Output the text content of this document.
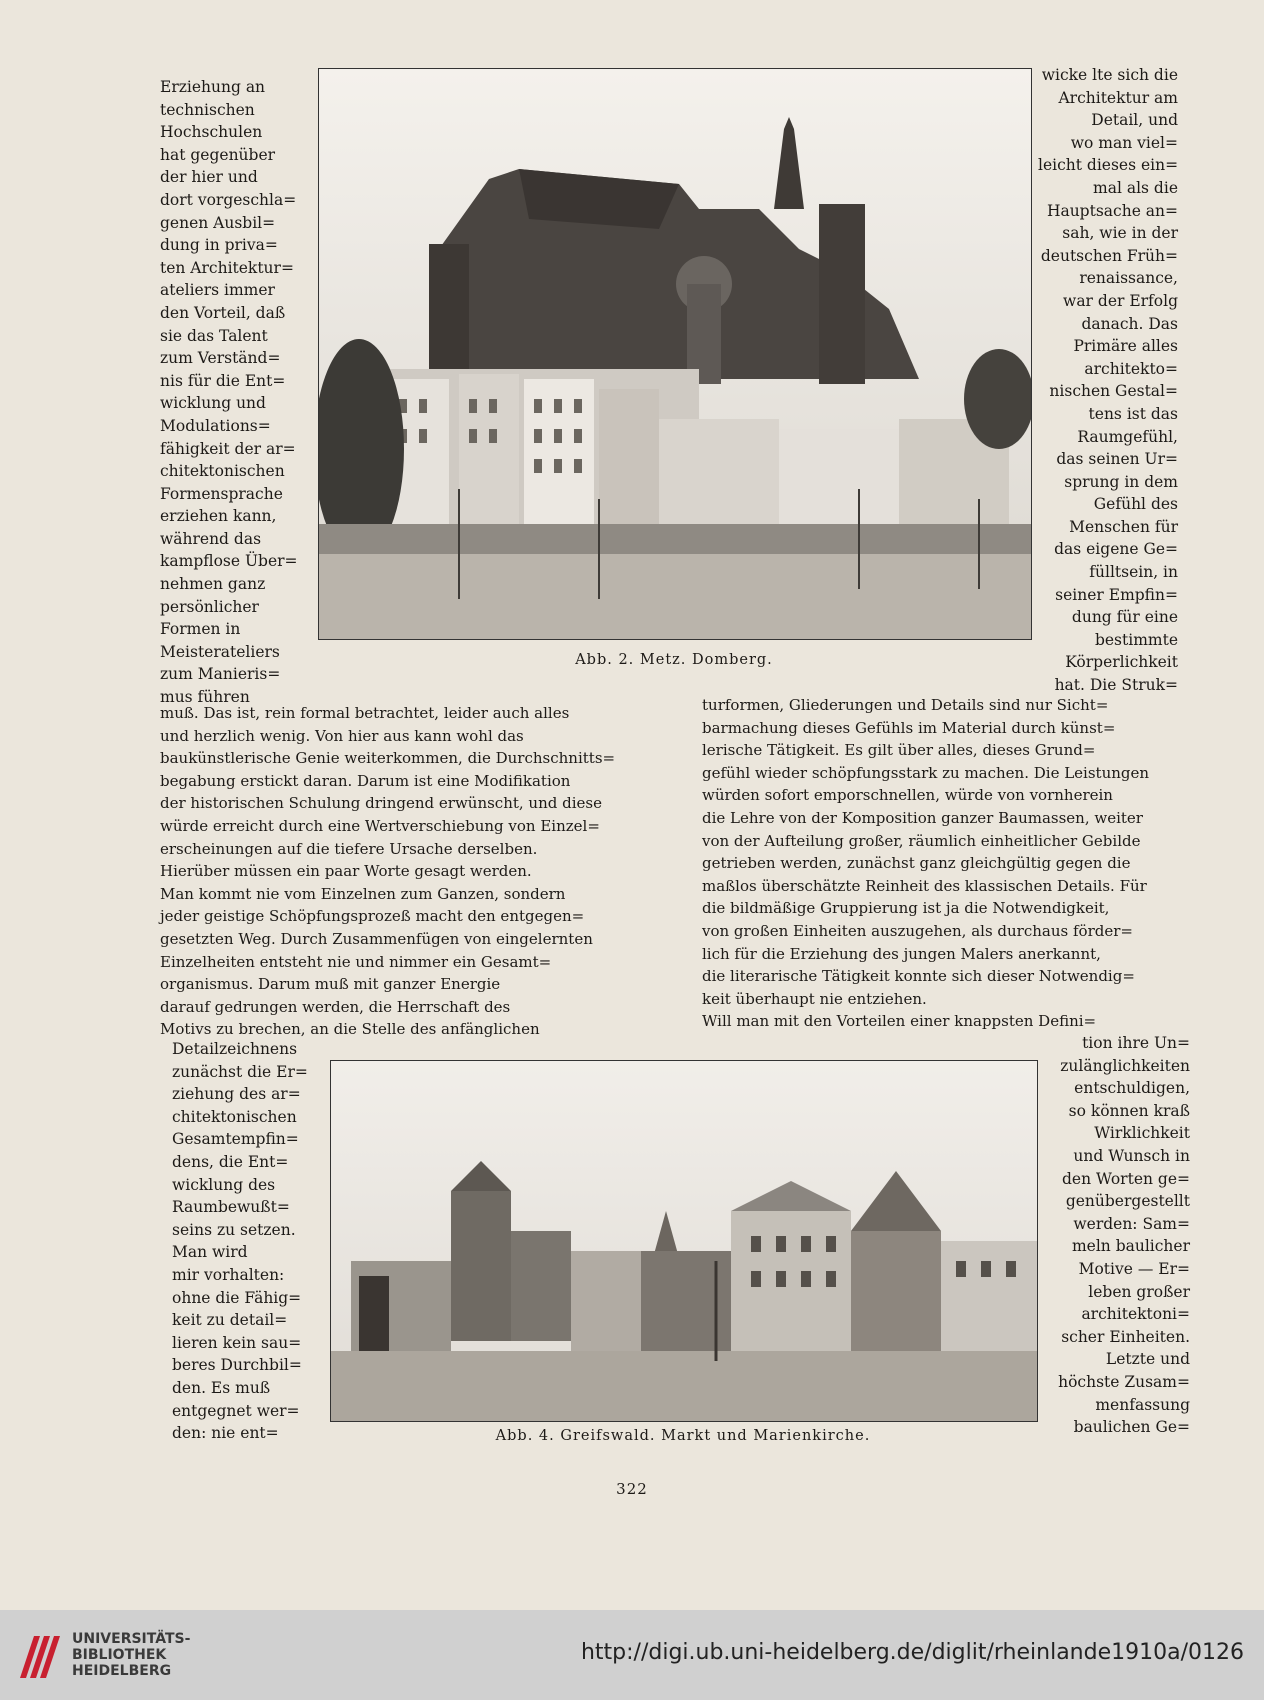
Erziehung an

technischen

Hochschulen

hat gegenüber

der hier und

dort vorgeschla=

genen Ausbil=

dung in priva=

ten Architektur=

ateliers immer

den Vorteil, daß

sie das Talent

zum Verständ=

nis für die Ent=

wicklung und

Modulations=

fähigkeit der ar=

chitektonischen

Formensprache

erziehen kann,

während das

kampflose Über=

nehmen ganz

persönlicher

Formen in

Meisterateliers

zum Manieris=

mus führen

Abb. 2. Metz. Domberg.

wicke lte sich die

Architektur am

Detail, und

wo man viel=

leicht dieses ein=

mal als die

Hauptsache an=

sah, wie in der

deutschen Früh=

renaissance,

war der Erfolg

danach. Das

Primäre alles

architekto=

nischen Gestal=

tens ist das

Raumgefühl,

das seinen Ur=

sprung in dem

Gefühl des

Menschen für

das eigene Ge=

fülltsein, in

seiner Empfin=

dung für eine

bestimmte

Körperlichkeit

hat. Die Struk=

muß. Das ist, rein formal betrachtet, leider auch alles

und herzlich wenig. Von hier aus kann wohl das

baukünstlerische Genie weiterkommen, die Durchschnitts=

begabung erstickt daran. Darum ist eine Modifikation

der historischen Schulung dringend erwünscht, und diese

würde erreicht durch eine Wertverschiebung von Einzel=

erscheinungen auf die tiefere Ursache derselben.

Hierüber müssen ein paar Worte gesagt werden.

Man kommt nie vom Einzelnen zum Ganzen, sondern

jeder geistige Schöpfungsprozeß macht den entgegen=

gesetzten Weg. Durch Zusammenfügen von eingelernten

Einzelheiten entsteht nie und nimmer ein Gesamt=

organismus. Darum muß mit ganzer Energie

darauf gedrungen werden, die Herrschaft des

Motivs zu brechen, an die Stelle des anfänglichen

turformen, Gliederungen und Details sind nur Sicht=

barmachung dieses Gefühls im Material durch künst=

lerische Tätigkeit. Es gilt über alles, dieses Grund=

gefühl wieder schöpfungsstark zu machen. Die Leistungen

würden sofort emporschnellen, würde von vornherein

die Lehre von der Komposition ganzer Baumassen, weiter

von der Aufteilung großer, räumlich einheitlicher Gebilde

getrieben werden, zunächst ganz gleichgültig gegen die

maßlos überschätzte Reinheit des klassischen Details. Für

die bildmäßige Gruppierung ist ja die Notwendigkeit,

von großen Einheiten auszugehen, als durchaus förder=

lich für die Erziehung des jungen Malers anerkannt,

die literarische Tätigkeit konnte sich dieser Notwendig=

keit überhaupt nie entziehen.

Will man mit den Vorteilen einer knappsten Defini=

Detailzeichnens

zunächst die Er=

ziehung des ar=

chitektonischen

Gesamtempfin=

dens, die Ent=

wicklung des

Raumbewußt=

seins zu setzen.

Man wird

mir vorhalten:

ohne die Fähig=

keit zu detail=

lieren kein sau=

beres Durchbil=

den. Es muß

entgegnet wer=

den: nie ent=	Abb. 4. Greifswald. Markt und Marienkirche.

tion ihre Un=

zulänglichkeiten

entschuldigen,

so können kraß

Wirklichkeit

und Wunsch in

den Worten ge=

genübergestellt

werden: Sam=

meln baulicher

Motive — Er=

leben großer

architektoni=

scher Einheiten.

Letzte und

höchste Zusam=

menfassung

baulichen Ge=

322
UNIVERSITÄTS-
BIBLIOTHEK
HEIDELBERG
http://digi.ub.uni-heidelberg.de/diglit/rheinlande1910a/0126
